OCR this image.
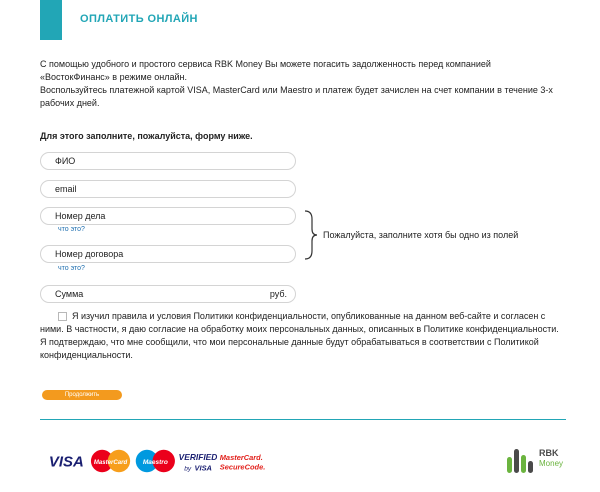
ОПЛАТИТЬ ОНЛАЙН

С помощью удобного и простого сервиса RBK Money Вы можете погасить задолженность перед компанией «ВостокФинанс» в режиме онлайн.

Воспользуйтесь платежной картой VISA, MasterCard или Maestro и платеж будет зачислен на счет компании в течение 3-х рабочих дней.

Для этого заполните, пожалуйста, форму ниже.
ФИО
email
Номер дела
что это?
Номер договора
что это?
Сумма	руб.
Пожалуйста, заполните хотя бы одно из полей
Я изучил правила и условия Политики конфиденциальности, опубликованные на данном веб-сайте и согласен с ними. В частности, я даю согласие на обработку моих персональных данных, описанных в Политике конфиденциальности. Я подтверждаю, что мне сообщили, что мои персональные данные будут обрабатываться в соответствии с Политикой конфиденциальности.
Продолжить
VISA MasterCard Maestro
VERIFIED
by VISA
MasterCard.
SecureCode.
RBK
Money
